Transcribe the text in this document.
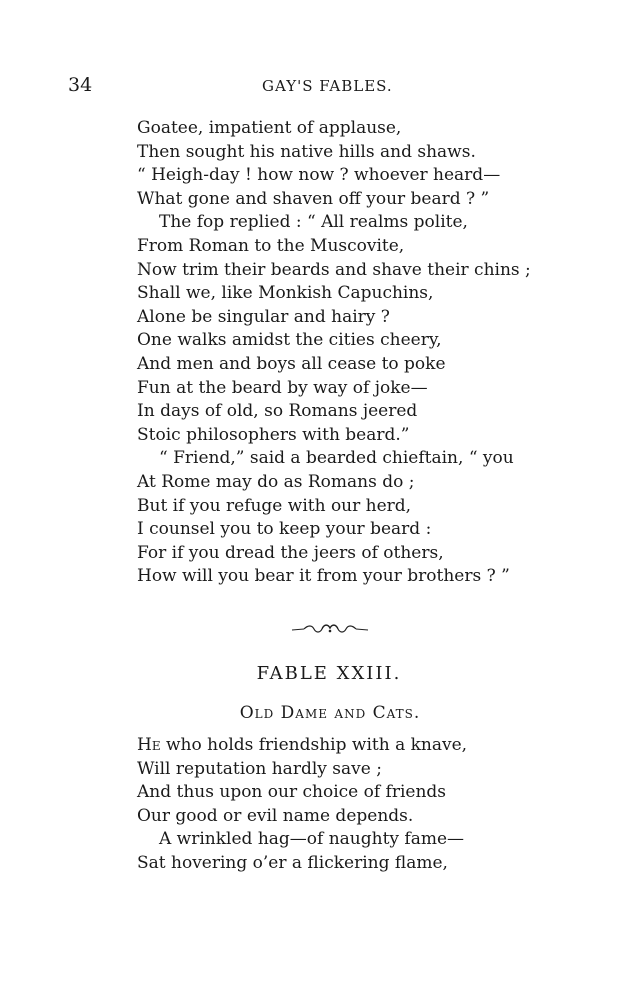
34	GAY'S FABLES.
Goatee, impatient of applause,
Then sought his native hills and shaws.
“ Heigh-day ! how now ? whoever heard—
What gone and shaven off your beard ? ”
The fop replied : “ All realms polite,
From Roman to the Muscovite,
Now trim their beards and shave their chins ;
Shall we, like Monkish Capuchins,
Alone be singular and hairy ?
One walks amidst the cities cheery,
And men and boys all cease to poke
Fun at the beard by way of joke—
In days of old, so Romans jeered
Stoic philosophers with beard.”
“ Friend,” said a bearded chieftain, “ you
At Rome may do as Romans do ;
But if you refuge with our herd,
I counsel you to keep your beard :
For if you dread the jeers of others,
How will you bear it from your brothers ? ”
FABLE XXIII.
Old Dame and Cats.
He who holds friendship with a knave,
Will reputation hardly save ;
And thus upon our choice of friends
Our good or evil name depends.
A wrinkled hag—of naughty fame—
Sat hovering o’er a flickering flame,
